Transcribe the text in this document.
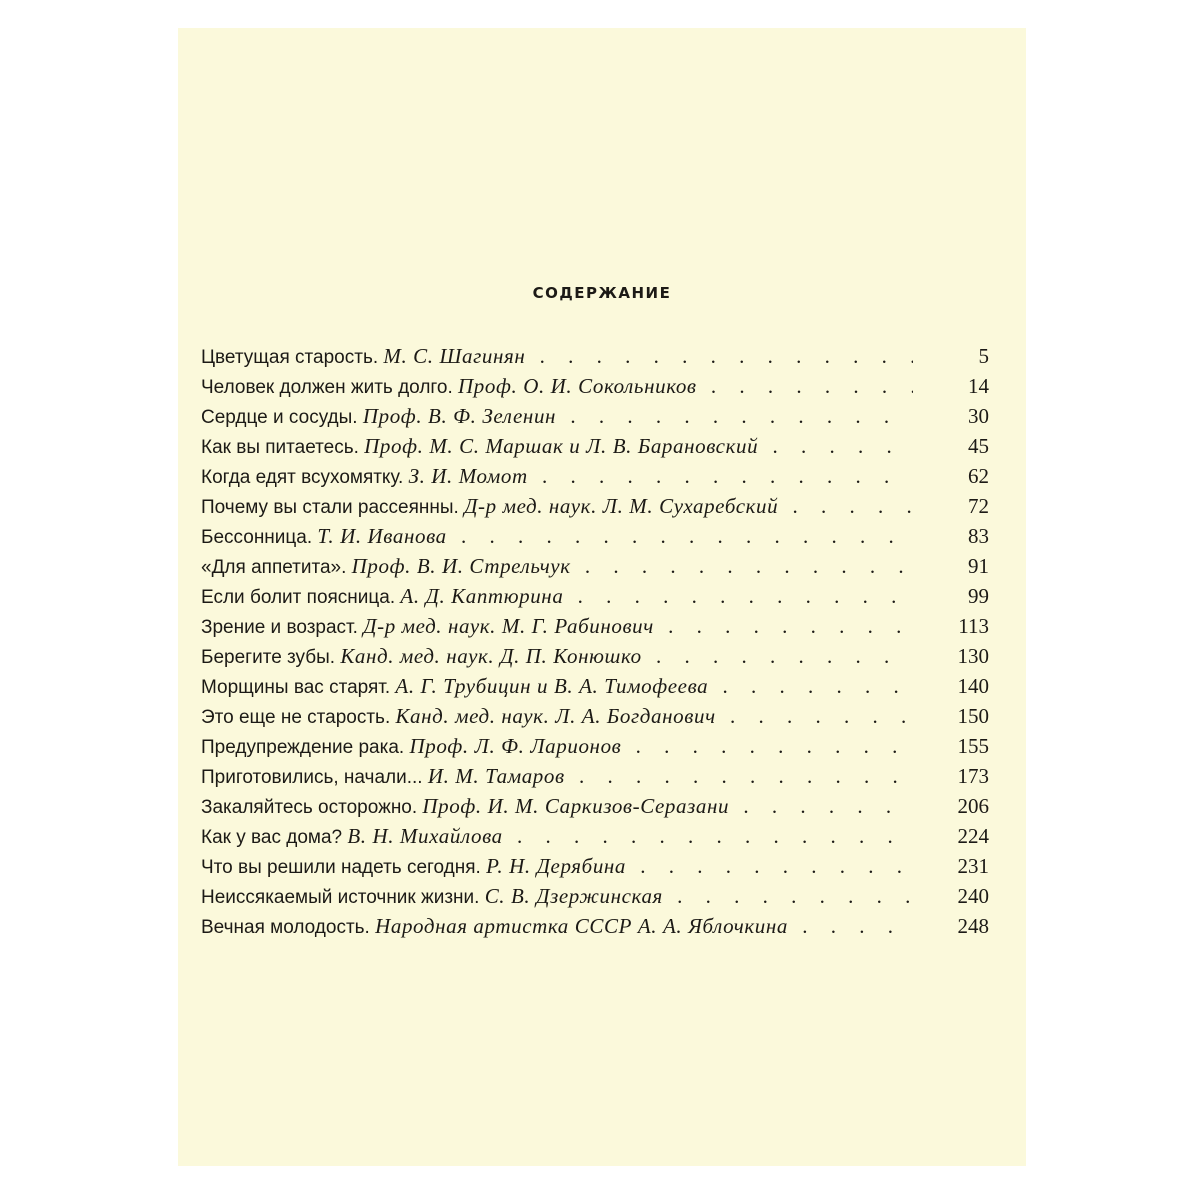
СОДЕРЖАНИЕ
Цветущая старость. М. С. Шагинян . . .	5
Человек должен жить долго. Проф. О. И. Сокольников . . .	14
Сердце и сосуды. Проф. В. Ф. Зеленин . . .	30
Как вы питаетесь. Проф. М. С. Маршак и Л. В. Барановский . . .	45
Когда едят всухомятку. З. И. Момот . . .	62
Почему вы стали рассеянны. Д-р мед. наук. Л. М. Сухаребский . . .	72
Бессонница. Т. И. Иванова . . .	83
«Для аппетита». Проф. В. И. Стрельчук . . .	91
Если болит поясница. А. Д. Каптюрина . . .	99
Зрение и возраст. Д-р мед. наук. М. Г. Рабинович . . .	113
Берегите зубы. Канд. мед. наук. Д. П. Конюшко . . .	130
Морщины вас старят. А. Г. Трубицин и В. А. Тимофеева . . .	140
Это еще не старость. Канд. мед. наук. Л. А. Богданович . . .	150
Предупреждение рака. Проф. Л. Ф. Ларионов . . .	155
Приготовились, начали... И. М. Тамаров . . .	173
Закаляйтесь осторожно. Проф. И. М. Саркизов-Серазани . . .	206
Как у вас дома? В. Н. Михайлова . . .	224
Что вы решили надеть сегодня. Р. Н. Дерябина . . .	231
Неиссякаемый источник жизни. С. В. Дзержинская . . .	240
Вечная молодость. Народная артистка СССР А. А. Яблочкина . . .	248
